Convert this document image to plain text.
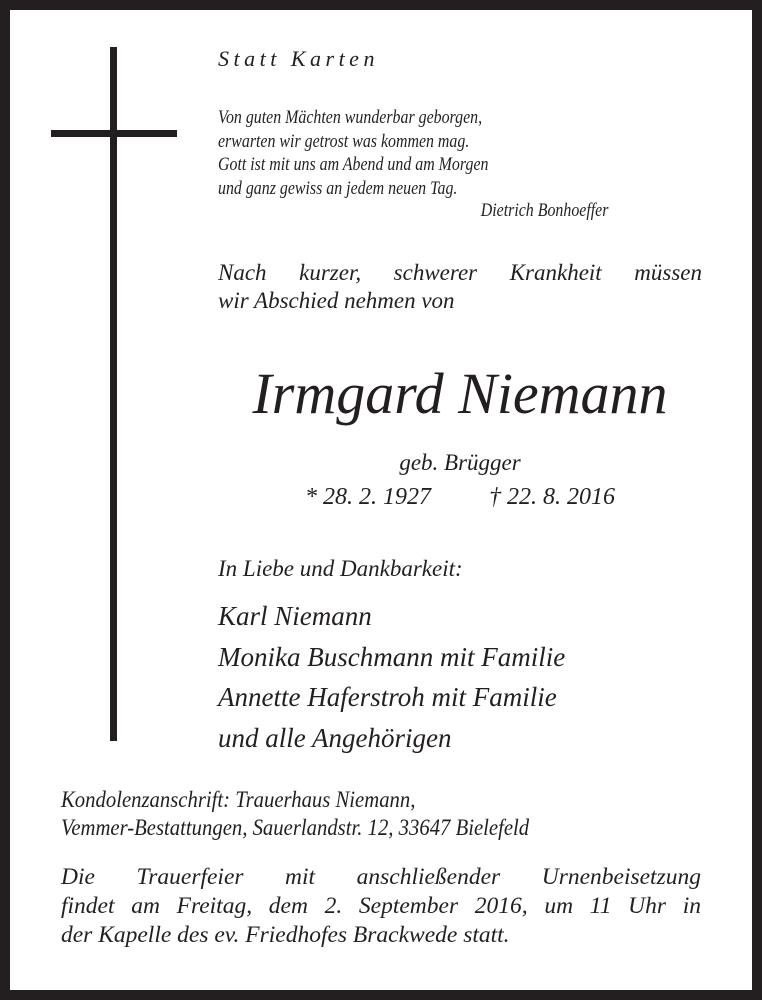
Statt Karten
Von guten Mächten wunderbar geborgen,
erwarten wir getrost was kommen mag.
Gott ist mit uns am Abend und am Morgen
und ganz gewiss an jedem neuen Tag.
Dietrich Bonhoeffer
Nach kurzer, schwerer Krankheit müssen
wir Abschied nehmen von
Irmgard Niemann
geb. Brügger
* 28. 2. 1927 † 22. 8. 2016
In Liebe und Dankbarkeit:
Karl Niemann
Monika Buschmann mit Familie
Annette Haferstroh mit Familie
und alle Angehörigen
Kondolenzanschrift: Trauerhaus Niemann,
Vemmer-Bestattungen, Sauerlandstr. 12, 33647 Bielefeld
Die Trauerfeier mit anschließender Urnenbeisetzung
findet am Freitag, dem 2. September 2016, um 11 Uhr in
der Kapelle des ev. Friedhofes Brackwede statt.
